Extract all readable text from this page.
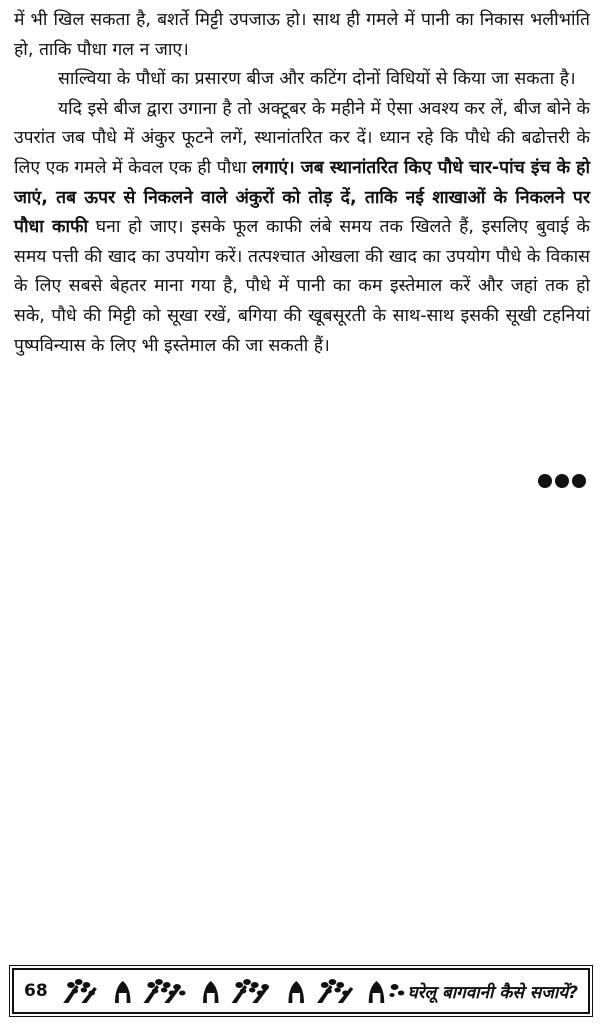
में भी खिल सकता है, बशर्ते मिट्टी उपजाऊ हो। साथ ही गमले में पानी का निकास भलीभांति हो, ताकि पौधा गल न जाए।

साल्विया के पौधों का प्रसारण बीज और कटिंग दोनों विधियों से किया जा सकता है।

यदि इसे बीज द्वारा उगाना है तो अक्टूबर के महीने में ऐसा अवश्य कर लें, बीज बोने के उपरांत जब पौधे में अंकुर फूटने लगें, स्थानांतरित कर दें। ध्यान रहे कि पौधे की बढोत्तरी के लिए एक गमले में केवल एक ही पौधा लगाएं। जब स्थानांतरित किए पौधे चार-पांच इंच के हो जाएं, तब ऊपर से निकलने वाले अंकुरों को तोड़ दें, ताकि नई शाखाओं के निकलने पर पौधा काफी घना हो जाए। इसके फूल काफी लंबे समय तक खिलते हैं, इसलिए बुवाई के समय पत्ती की खाद का उपयोग करें। तत्पश्चात ओखला की खाद का उपयोग पौधे के विकास के लिए सबसे बेहतर माना गया है, पौधे में पानी का कम इस्तेमाल करें और जहां तक हो सके, पौधे की मिट्टी को सूखा रखें, बगिया की खूबसूरती के साथ-साथ इसकी सूखी टहनियां पुष्पविन्यास के लिए भी इस्तेमाल की जा सकती हैं।

68	घरेलू बागवानी कैसे सजायें?
